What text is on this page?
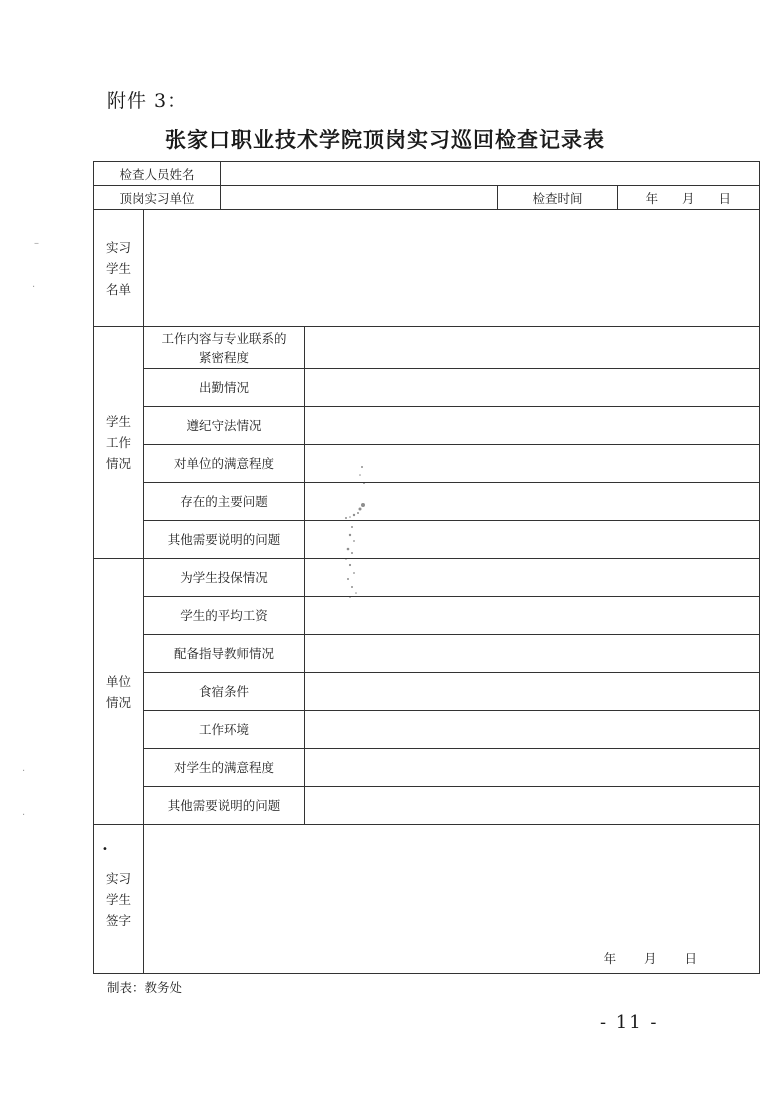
附件 3：
张家口职业技术学院顶岗实习巡回检查记录表
–
·
·
·
检查人员姓名					
顶岗实习单位				检查时间	年 月 日
实习
学生
名单					
学生
工作
情况	工作内容与专业联系的
紧密程度				
	出勤情况				
	遵纪守法情况				
	对单位的满意程度				
	存在的主要问题				
	其他需要说明的问题				
单位
情况	为学生投保情况				
	学生的平均工资				
	配备指导教师情况				
	食宿条件				
	工作环境				
	对学生的满意程度				
	其他需要说明的问题				

•
实习
学生
签字	年 月 日				
制表：教务处
- 11 -
